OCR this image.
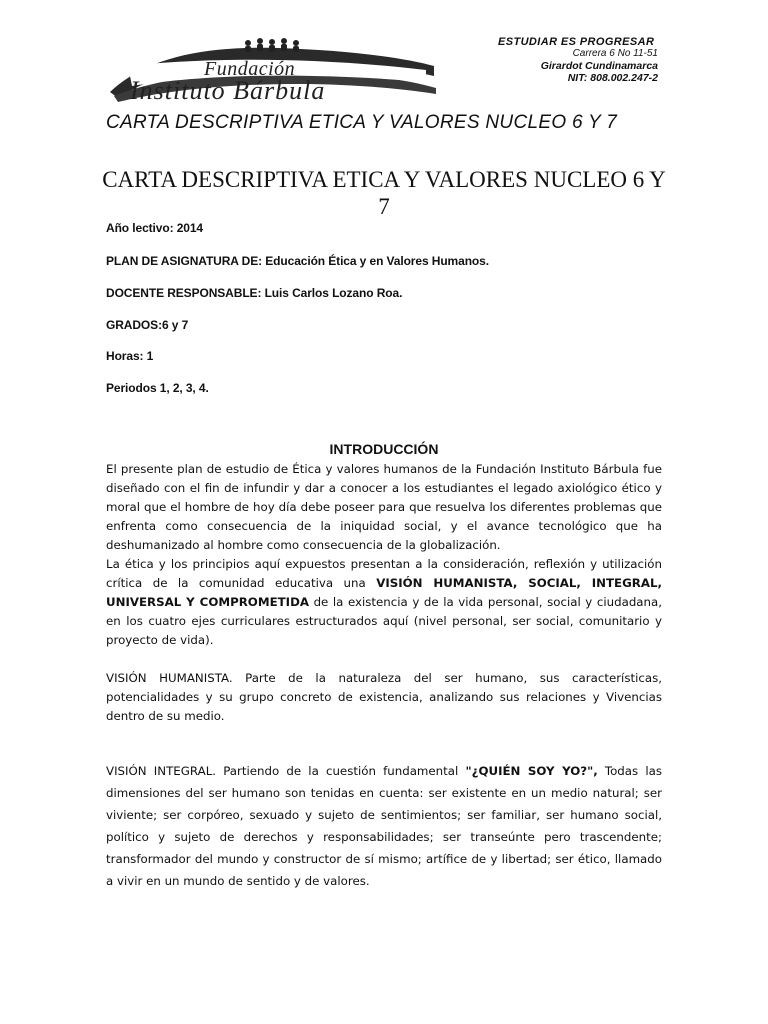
Fundación
Instituto Bárbula
ESTUDIAR ES PROGRESAR
Carrera 6 No 11-51
Girardot Cundinamarca
NIT: 808.002.247-2
CARTA DESCRIPTIVA ETICA Y VALORES NUCLEO 6 Y 7
CARTA DESCRIPTIVA ETICA Y VALORES NUCLEO 6 Y 7
Año lectivo: 2014
PLAN DE ASIGNATURA DE: Educación Ética y en Valores Humanos.
DOCENTE RESPONSABLE: Luis Carlos Lozano Roa.
GRADOS:6 y 7
Horas: 1
Periodos 1, 2, 3, 4.
INTRODUCCIÓN

El presente plan de estudio de Ética y valores humanos de la Fundación Instituto Bárbula fue diseñado con el fin de infundir y dar a conocer a los estudiantes el legado axiológico ético y moral que el hombre de hoy día debe poseer para que resuelva los diferentes problemas que enfrenta como consecuencia de la iniquidad social, y el avance tecnológico que ha deshumanizado al hombre como consecuencia de la globalización.

La ética y los principios aquí expuestos presentan a la consideración, reflexión y utilización crítica de la comunidad educativa una VISIÓN HUMANISTA, SOCIAL, INTEGRAL, UNIVERSAL Y COMPROMETIDA de la existencia y de la vida personal, social y ciudadana, en los cuatro ejes curriculares estructurados aquí (nivel personal, ser social, comunitario y proyecto de vida).

VISIÓN HUMANISTA. Parte de la naturaleza del ser humano, sus características, potencialidades y su grupo concreto de existencia, analizando sus relaciones y Vivencias dentro de su medio.

VISIÓN INTEGRAL. Partiendo de la cuestión fundamental "¿QUIÉN SOY YO?", Todas las dimensiones del ser humano son tenidas en cuenta: ser existente en un medio natural; ser viviente; ser corpóreo, sexuado y sujeto de sentimientos; ser familiar, ser humano social, político y sujeto de derechos y responsabilidades; ser transeúnte pero trascendente; transformador del mundo y constructor de sí mismo; artífice de y libertad; ser ético, llamado a vivir en un mundo de sentido y de valores.
